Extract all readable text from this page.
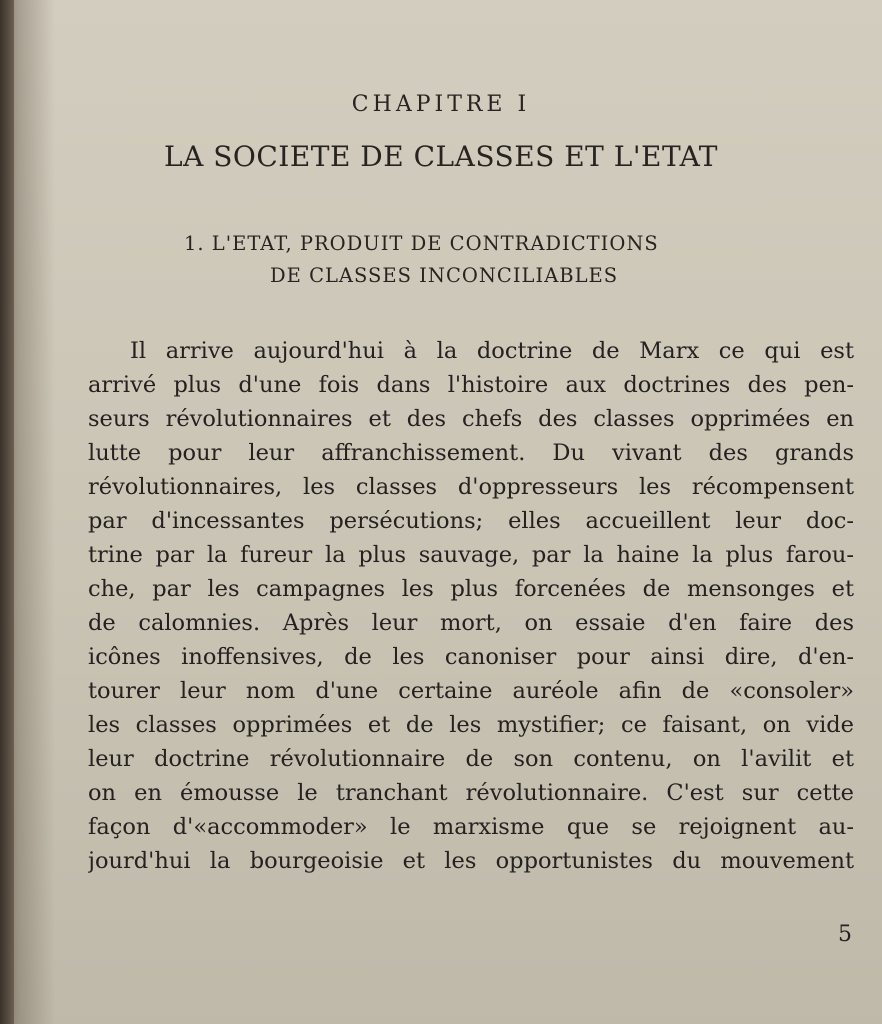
CHAPITRE I
LA SOCIETE DE CLASSES ET L'ETAT
1. L'ETAT, PRODUIT DE CONTRADICTIONS
DE CLASSES INCONCILIABLES
Il arrive aujourd'hui à la doctrine de Marx ce qui est
arrivé plus d'une fois dans l'histoire aux doctrines des pen-
seurs révolutionnaires et des chefs des classes opprimées en
lutte pour leur affranchissement. Du vivant des grands
révolutionnaires, les classes d'oppresseurs les récompensent
par d'incessantes persécutions; elles accueillent leur doc-
trine par la fureur la plus sauvage, par la haine la plus farou-
che, par les campagnes les plus forcenées de mensonges et
de calomnies. Après leur mort, on essaie d'en faire des
icônes inoffensives, de les canoniser pour ainsi dire, d'en-
tourer leur nom d'une certaine auréole afin de «consoler»
les classes opprimées et de les mystifier; ce faisant, on vide
leur doctrine révolutionnaire de son contenu, on l'avilit et
on en émousse le tranchant révolutionnaire. C'est sur cette
façon d'«accommoder» le marxisme que se rejoignent au-
jourd'hui la bourgeoisie et les opportunistes du mouvement
5
